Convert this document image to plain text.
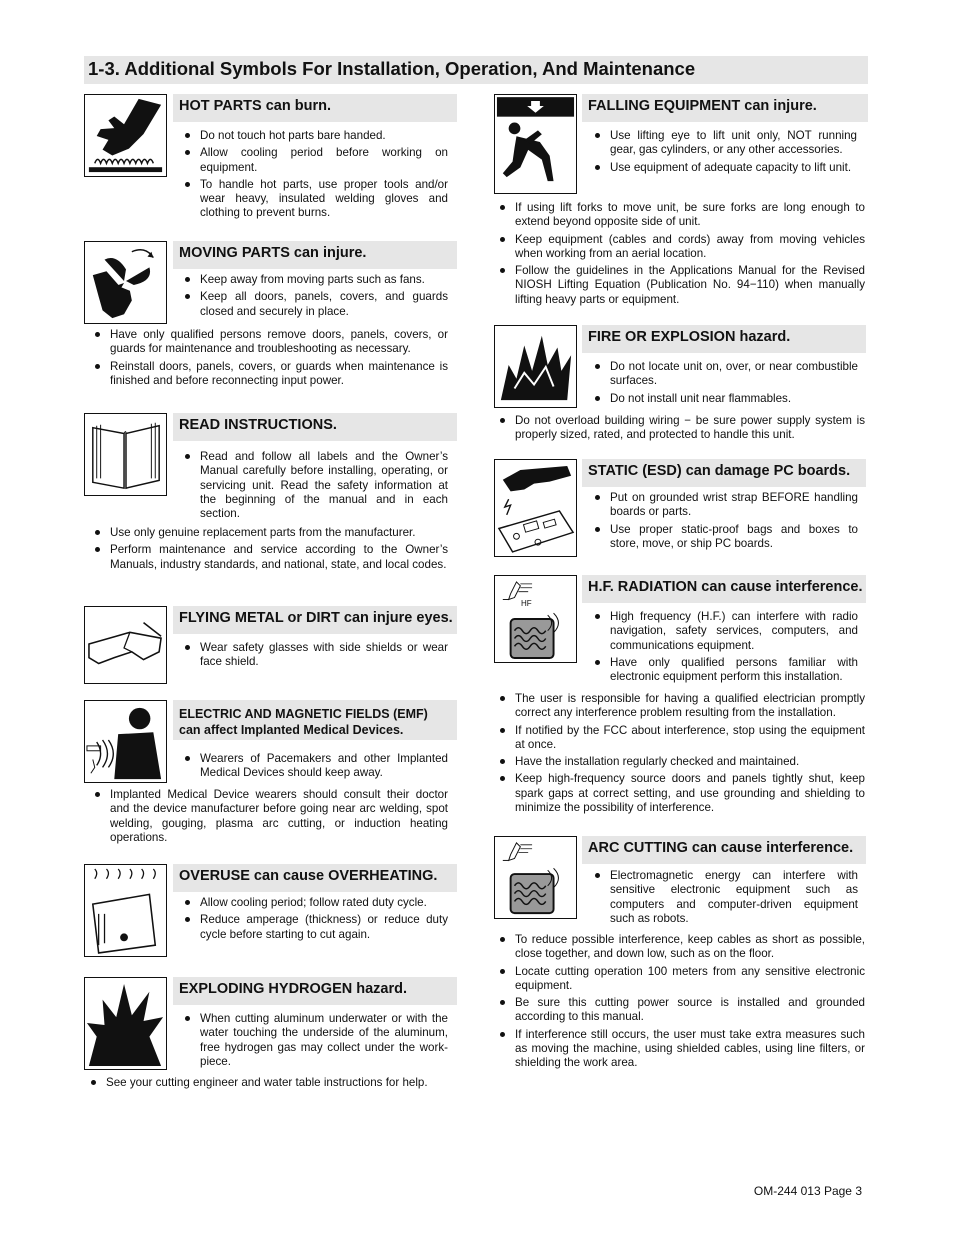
1-3. Additional Symbols For Installation, Operation, And Maintenance
HOT PARTS can burn.
Do not touch hot parts bare handed.
Allow cooling period before working on equipment.
To handle hot parts, use proper tools and/or wear heavy, insulated welding gloves and clothing to prevent burns.
MOVING PARTS can injure.
Keep away from moving parts such as fans.
Keep all doors, panels, covers, and guards closed and securely in place.
Have only qualified persons remove doors, panels, covers, or guards for maintenance and troubleshooting as necessary.
Reinstall doors, panels, covers, or guards when maintenance is finished and before reconnecting input power.
READ INSTRUCTIONS.
Read and follow all labels and the Owner’s Manual carefully before installing, operating, or servicing unit. Read the safety information at the beginning of the manual and in each section.
Use only genuine replacement parts from the manufacturer.
Perform maintenance and service according to the Owner’s Manuals, industry standards, and national, state, and local codes.
FLYING METAL or DIRT can injure eyes.
Wear safety glasses with side shields or wear face shield.
ELECTRIC AND MAGNETIC FIELDS (EMF)
can affect Implanted Medical Devices.
Wearers of Pacemakers and other Implanted Medical Devices should keep away.
Implanted Medical Device wearers should consult their doctor and the device manufacturer before going near arc welding, spot welding, gouging, plasma arc cutting, or induction heating operations.
OVERUSE can cause OVERHEATING.
Allow cooling period; follow rated duty cycle.
Reduce amperage (thickness) or reduce duty cycle before starting to cut again.
EXPLODING HYDROGEN hazard.
When cutting aluminum underwater or with the water touching the underside of the aluminum, free hydrogen gas may collect under the work-piece.
See your cutting engineer and water table instructions for help.
FALLING EQUIPMENT can injure.
Use lifting eye to lift unit only, NOT running gear, gas cylinders, or any other accessories.
Use equipment of adequate capacity to lift unit.
If using lift forks to move unit, be sure forks are long enough to extend beyond opposite side of unit.
Keep equipment (cables and cords) away from moving vehicles when working from an aerial location.
Follow the guidelines in the Applications Manual for the Revised NIOSH Lifting Equation (Publication No. 94−110) when manually lifting heavy parts or equipment.
FIRE OR EXPLOSION hazard.
Do not locate unit on, over, or near combustible surfaces.
Do not install unit near flammables.
Do not overload building wiring − be sure power supply system is properly sized, rated, and protected to handle this unit.
STATIC (ESD) can damage PC boards.
Put on grounded wrist strap BEFORE handling boards or parts.
Use proper static-proof bags and boxes to store, move, or ship PC boards.
HF
H.F. RADIATION can cause interference.
High frequency (H.F.) can interfere with radio navigation, safety services, computers, and communications equipment.
Have only qualified persons familiar with electronic equipment perform this installation.
The user is responsible for having a qualified electrician promptly correct any interference problem resulting from the installation.
If notified by the FCC about interference, stop using the equipment at once.
Have the installation regularly checked and maintained.
Keep high-frequency source doors and panels tightly shut, keep spark gaps at correct setting, and use grounding and shielding to minimize the possibility of interference.
ARC CUTTING can cause interference.
Electromagnetic energy can interfere with sensitive electronic equipment such as computers and computer-driven equipment such as robots.
To reduce possible interference, keep cables as short as possible, close together, and down low, such as on the floor.
Locate cutting operation 100 meters from any sensitive electronic equipment.
Be sure this cutting power source is installed and grounded according to this manual.
If interference still occurs, the user must take extra measures such as moving the machine, using shielded cables, using line filters, or shielding the work area.
OM-244 013 Page 3
